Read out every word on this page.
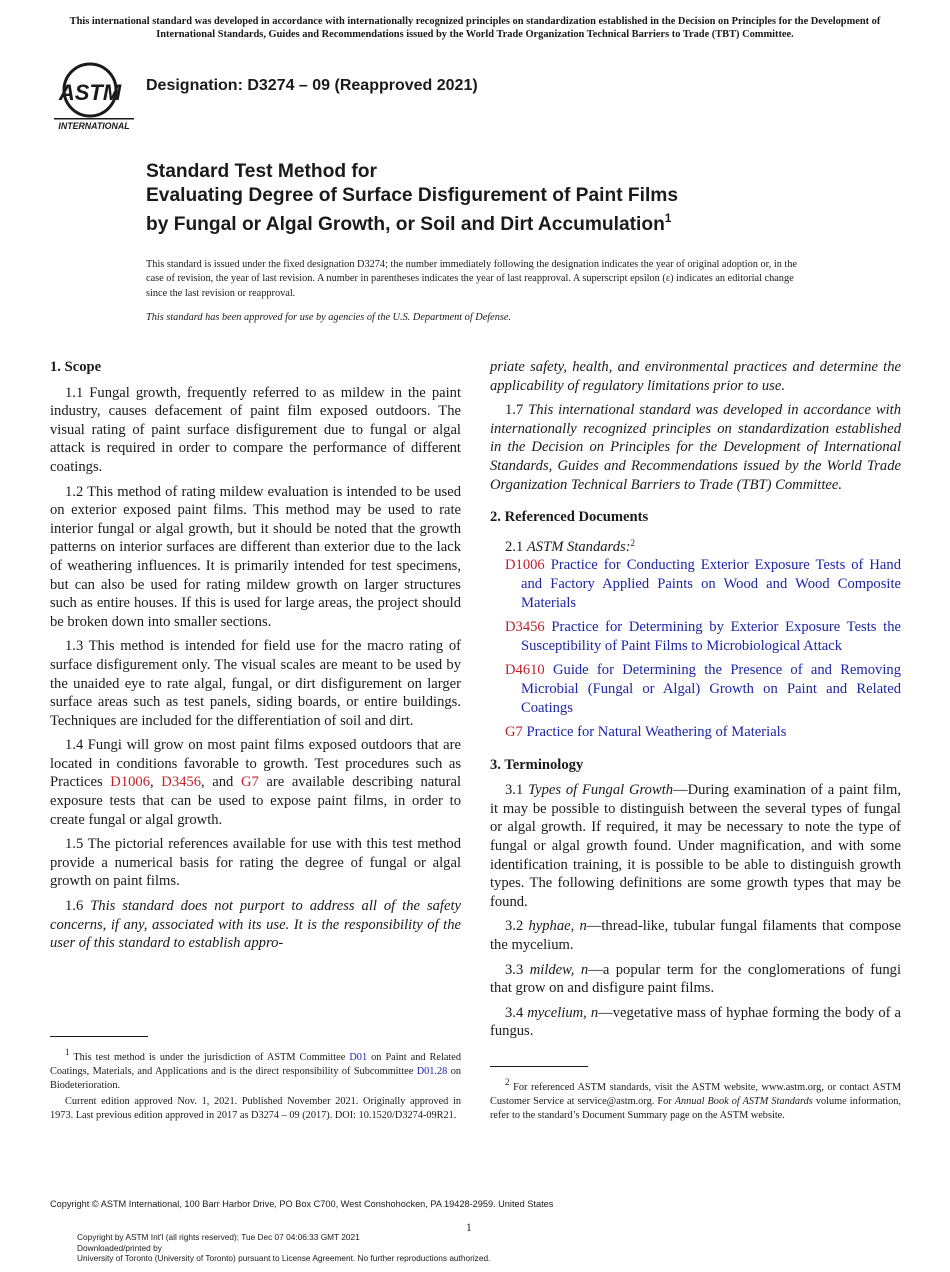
This international standard was developed in accordance with internationally recognized principles on standardization established in the Decision on Principles for the Development of International Standards, Guides and Recommendations issued by the World Trade Organization Technical Barriers to Trade (TBT) Committee.
ASTM
INTERNATIONAL
Designation: D3274 – 09 (Reapproved 2021)
Standard Test Method for
Evaluating Degree of Surface Disfigurement of Paint Films
by Fungal or Algal Growth, or Soil and Dirt Accumulation$^1$
This standard is issued under the fixed designation D3274; the number immediately following the designation indicates the year of original adoption or, in the case of revision, the year of last revision. A number in parentheses indicates the year of last reapproval. A superscript epsilon (ε) indicates an editorial change since the last revision or reapproval.
This standard has been approved for use by agencies of the U.S. Department of Defense.
1. Scope

1.1 Fungal growth, frequently referred to as mildew in the paint industry, causes defacement of paint film exposed outdoors. The visual rating of paint surface disfigurement due to fungal or algal attack is required in order to compare the performance of different coatings.

1.2 This method of rating mildew evaluation is intended to be used on exterior exposed paint films. This method may be used to rate interior fungal or algal growth, but it should be noted that the growth patterns on interior surfaces are different than exterior due to the lack of weathering influences. It is primarily intended for test specimens, but can also be used for rating mildew growth on larger structures such as entire houses. If this is used for large areas, the project should be broken down into smaller sections.

1.3 This method is intended for field use for the macro rating of surface disfigurement only. The visual scales are meant to be used by the unaided eye to rate algal, fungal, or dirt disfigurement on larger surface areas such as test panels, siding boards, or entire buildings. Techniques are included for the differentiation of soil and dirt.

1.4 Fungi will grow on most paint films exposed outdoors that are located in conditions favorable to growth. Test procedures such as Practices D1006, D3456, and G7 are available describing natural exposure tests that can be used to expose paint films, in order to create fungal or algal growth.

1.5 The pictorial references available for use with this test method provide a numerical basis for rating the degree of fungal or algal growth on paint films.

1.6 This standard does not purport to address all of the safety concerns, if any, associated with its use. It is the responsibility of the user of this standard to establish appro-

$^1$ This test method is under the jurisdiction of ASTM Committee D01 on Paint and Related Coatings, Materials, and Applications and is the direct responsibility of Subcommittee D01.28 on Biodeterioration.

Current edition approved Nov. 1, 2021. Published November 2021. Originally approved in 1973. Last previous edition approved in 2017 as D3274 – 09 (2017). DOI: 10.1520/D3274-09R21.

priate safety, health, and environmental practices and determine the applicability of regulatory limitations prior to use.

1.7 This international standard was developed in accordance with internationally recognized principles on standardization established in the Decision on Principles for the Development of International Standards, Guides and Recommendations issued by the World Trade Organization Technical Barriers to Trade (TBT) Committee.

2. Referenced Documents

2.1 ASTM Standards:$^2$

D1006 Practice for Conducting Exterior Exposure Tests of Hand and Factory Applied Paints on Wood and Wood Composite Materials

D3456 Practice for Determining by Exterior Exposure Tests the Susceptibility of Paint Films to Microbiological Attack

D4610 Guide for Determining the Presence of and Removing Microbial (Fungal or Algal) Growth on Paint and Related Coatings

G7 Practice for Natural Weathering of Materials

3. Terminology

3.1 Types of Fungal Growth—During examination of a paint film, it may be possible to distinguish between the several types of fungal or algal growth. If required, it may be necessary to note the type of fungal or algal growth found. Under magnification, and with some identification training, it is possible to be able to distinguish growth types. The following definitions are some growth types that may be found.

3.2 hyphae, n—thread-like, tubular fungal filaments that compose the mycelium.

3.3 mildew, n—a popular term for the conglomerations of fungi that grow on and disfigure paint films.

3.4 mycelium, n—vegetative mass of hyphae forming the body of a fungus.

$^2$ For referenced ASTM standards, visit the ASTM website, www.astm.org, or contact ASTM Customer Service at service@astm.org. For Annual Book of ASTM Standards volume information, refer to the standard’s Document Summary page on the ASTM website.

Copyright © ASTM International, 100 Barr Harbor Drive, PO Box C700, West Conshohocken, PA 19428-2959. United States
1
Copyright by ASTM Int'l (all rights reserved); Tue Dec 07 04:06:33 GMT 2021
Downloaded/printed by
University of Toronto (University of Toronto) pursuant to License Agreement. No further reproductions authorized.
